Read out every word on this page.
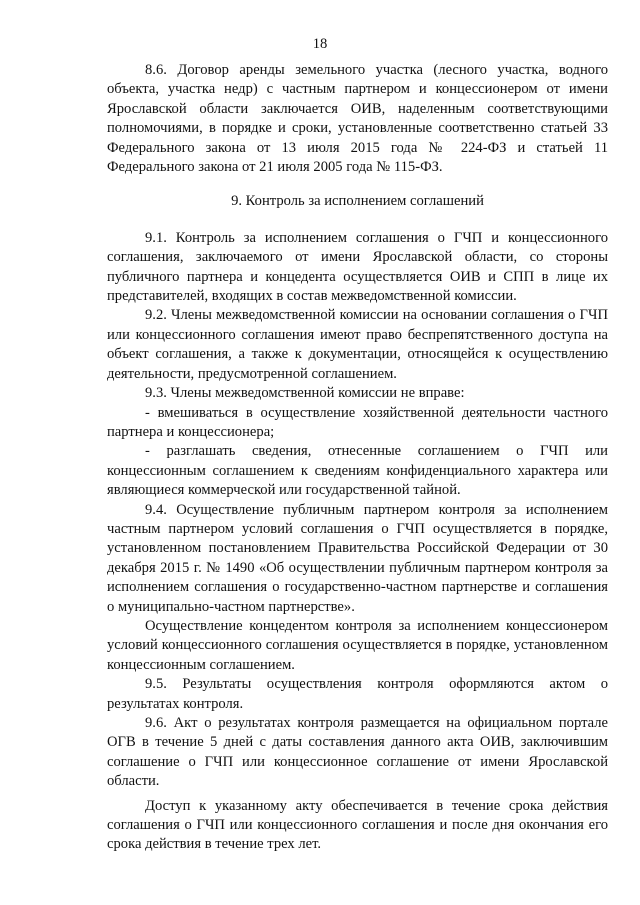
18

8.6. Договор аренды земельного участка (лесного участка, водного объекта, участка недр) с частным партнером и концессионером от имени Ярославской области заключается ОИВ, наделенным соответствующими полномочиями, в порядке и сроки, установленные соответственно статьей 33 Федерального закона от 13 июля 2015 года № 224-ФЗ и статьей 11 Федерального закона от 21 июля 2005 года № 115-ФЗ.

9. Контроль за исполнением соглашений

9.1. Контроль за исполнением соглашения о ГЧП и концессионного соглашения, заключаемого от имени Ярославской области, со стороны публичного партнера и концедента осуществляется ОИВ и СПП в лице их представителей, входящих в состав межведомственной комиссии.

9.2. Члены межведомственной комиссии на основании соглашения о ГЧП или концессионного соглашения имеют право беспрепятственного доступа на объект соглашения, а также к документации, относящейся к осуществлению деятельности, предусмотренной соглашением.

9.3. Члены межведомственной комиссии не вправе:

- вмешиваться в осуществление хозяйственной деятельности частного партнера и концессионера;

- разглашать сведения, отнесенные соглашением о ГЧП или концессионным соглашением к сведениям конфиденциального характера или являющиеся коммерческой или государственной тайной.

9.4. Осуществление публичным партнером контроля за исполнением частным партнером условий соглашения о ГЧП осуществляется в порядке, установленном постановлением Правительства Российской Федерации от 30 декабря 2015 г. № 1490 «Об осуществлении публичным партнером контроля за исполнением соглашения о государственно-частном партнерстве и соглашения о муниципально-частном партнерстве».

Осуществление концедентом контроля за исполнением концессионером условий концессионного соглашения осуществляется в порядке, установленном концессионным соглашением.

9.5. Результаты осуществления контроля оформляются актом о результатах контроля.

9.6. Акт о результатах контроля размещается на официальном портале ОГВ в течение 5 дней с даты составления данного акта ОИВ, заключившим соглашение о ГЧП или концессионное соглашение от имени Ярославской области.

Доступ к указанному акту обеспечивается в течение срока действия соглашения о ГЧП или концессионного соглашения и после дня окончания его срока действия в течение трех лет.
